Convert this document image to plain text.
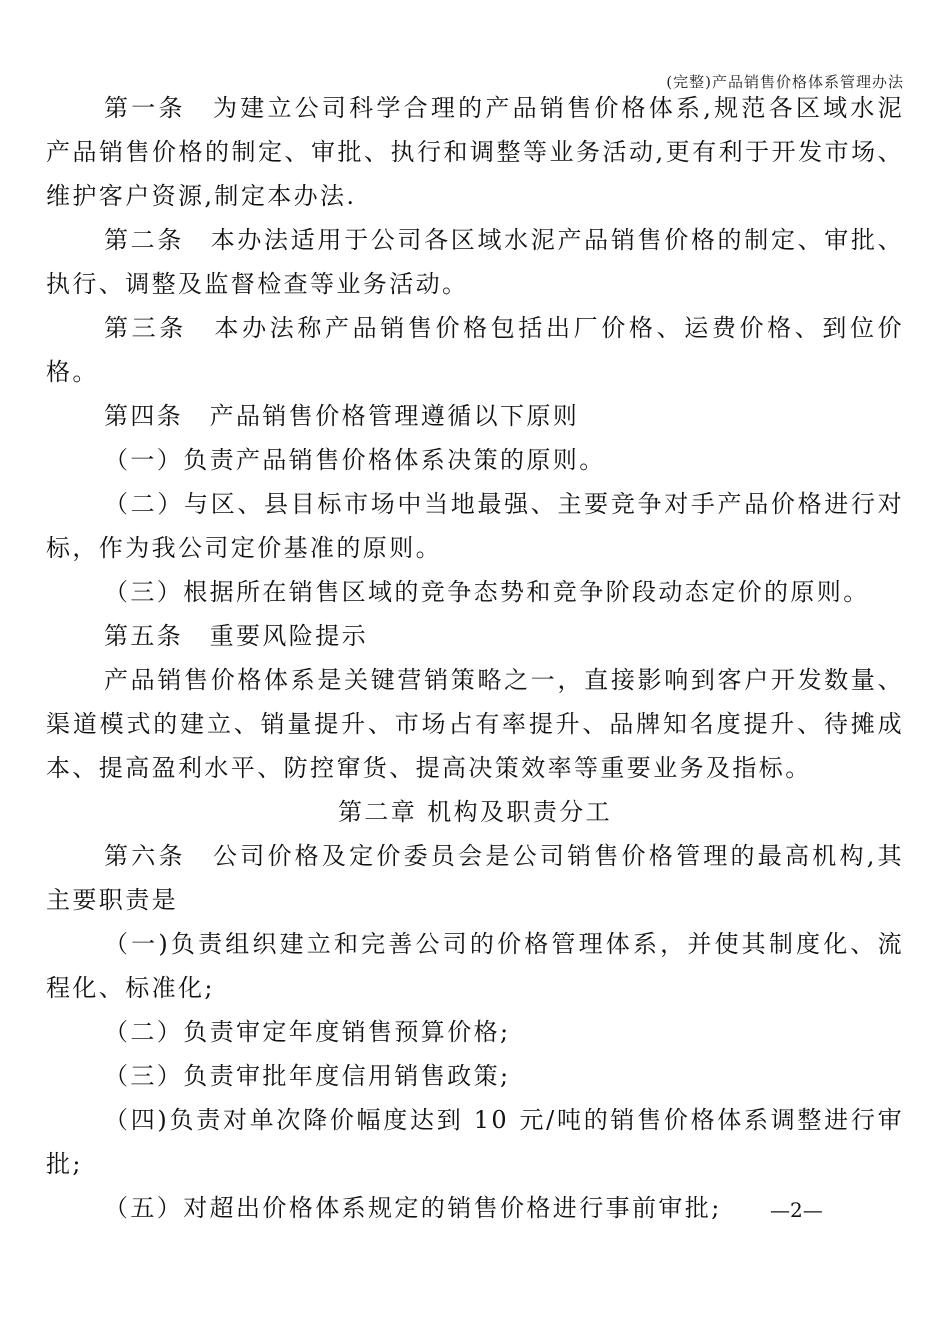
(完整)产品销售价格体系管理办法

第一条　为建立公司科学合理的产品销售价格体系,规范各区域水泥产品销售价格的制定、审批、执行和调整等业务活动,更有利于开发市场、维护客户资源,制定本办法.

第二条　本办法适用于公司各区域水泥产品销售价格的制定、审批、执行、调整及监督检查等业务活动。

第三条　本办法称产品销售价格包括出厂价格、运费价格、到位价格。

第四条　产品销售价格管理遵循以下原则

（一）负责产品销售价格体系决策的原则。

（二）与区、县目标市场中当地最强、主要竞争对手产品价格进行对标，作为我公司定价基准的原则。

（三）根据所在销售区域的竞争态势和竞争阶段动态定价的原则。

第五条　重要风险提示

产品销售价格体系是关键营销策略之一，直接影响到客户开发数量、渠道模式的建立、销量提升、市场占有率提升、品牌知名度提升、待摊成本、提高盈利水平、防控窜货、提高决策效率等重要业务及指标。

第二章 机构及职责分工

第六条　公司价格及定价委员会是公司销售价格管理的最高机构,其主要职责是

（一)负责组织建立和完善公司的价格管理体系，并使其制度化、流程化、标准化;

（二）负责审定年度销售预算价格;

（三）负责审批年度信用销售政策;

（四)负责对单次降价幅度达到 10 元/吨的销售价格体系调整进行审批;

（五）对超出价格体系规定的销售价格进行事前审批;	—2—
